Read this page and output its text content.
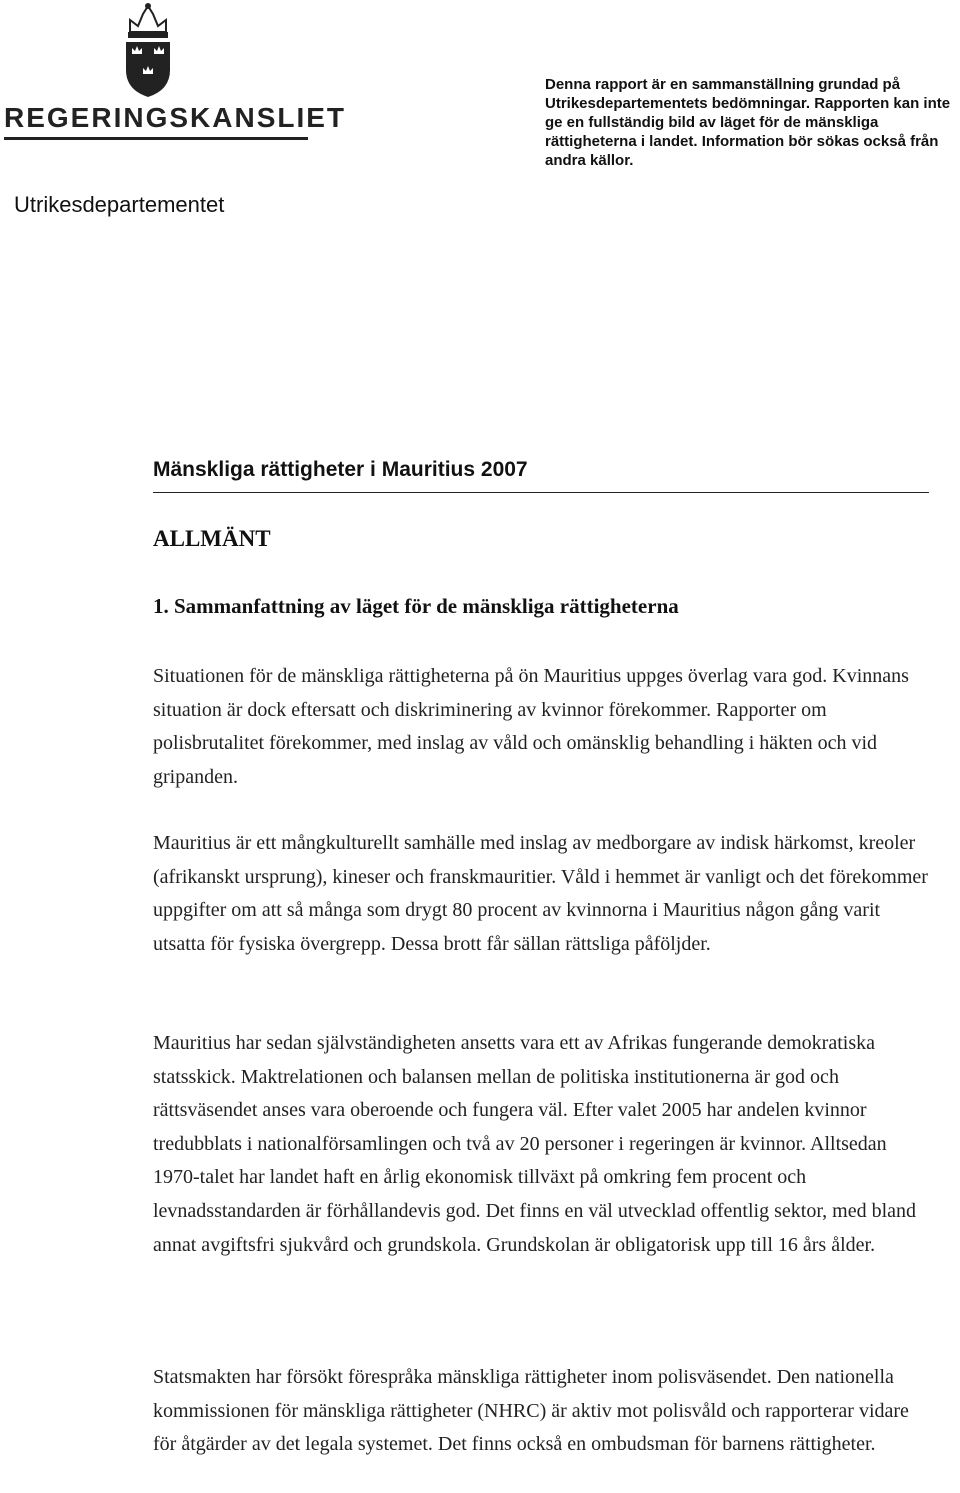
REGERINGSKANSLIET
Utrikesdepartementet
Denna rapport är en sammanställning grundad på Utrikesdepartementets bedömningar. Rapporten kan inte ge en fullständig bild av läget för de mänskliga rättigheterna i landet. Information bör sökas också från andra källor.
Mänskliga rättigheter i Mauritius 2007
ALLMÄNT
1. Sammanfattning av läget för de mänskliga rättigheterna

Situationen för de mänskliga rättigheterna på ön Mauritius uppges överlag vara god. Kvinnans situation är dock eftersatt och diskriminering av kvinnor förekommer. Rapporter om polisbrutalitet förekommer, med inslag av våld och omänsklig behandling i häkten och vid gripanden.

Mauritius är ett mångkulturellt samhälle med inslag av medborgare av indisk härkomst, kreoler (afrikanskt ursprung), kineser och franskmauritier. Våld i hemmet är vanligt och det förekommer uppgifter om att så många som drygt 80 procent av kvinnorna i Mauritius någon gång varit utsatta för fysiska övergrepp. Dessa brott får sällan rättsliga påföljder.

Mauritius har sedan självständigheten ansetts vara ett av Afrikas fungerande demokratiska statsskick. Maktrelationen och balansen mellan de politiska institutionerna är god och rättsväsendet anses vara oberoende och fungera väl. Efter valet 2005 har andelen kvinnor tredubblats i nationalförsamlingen och två av 20 personer i regeringen är kvinnor. Alltsedan 1970-talet har landet haft en årlig ekonomisk tillväxt på omkring fem procent och levnadsstandarden är förhållandevis god. Det finns en väl utvecklad offentlig sektor, med bland annat avgiftsfri sjukvård och grundskola. Grundskolan är obligatorisk upp till 16 års ålder.

Statsmakten har försökt förespråka mänskliga rättigheter inom polisväsendet. Den nationella kommissionen för mänskliga rättigheter (NHRC) är aktiv mot polisvåld och rapporterar vidare för åtgärder av det legala systemet. Det finns också en ombudsman för barnens rättigheter.
